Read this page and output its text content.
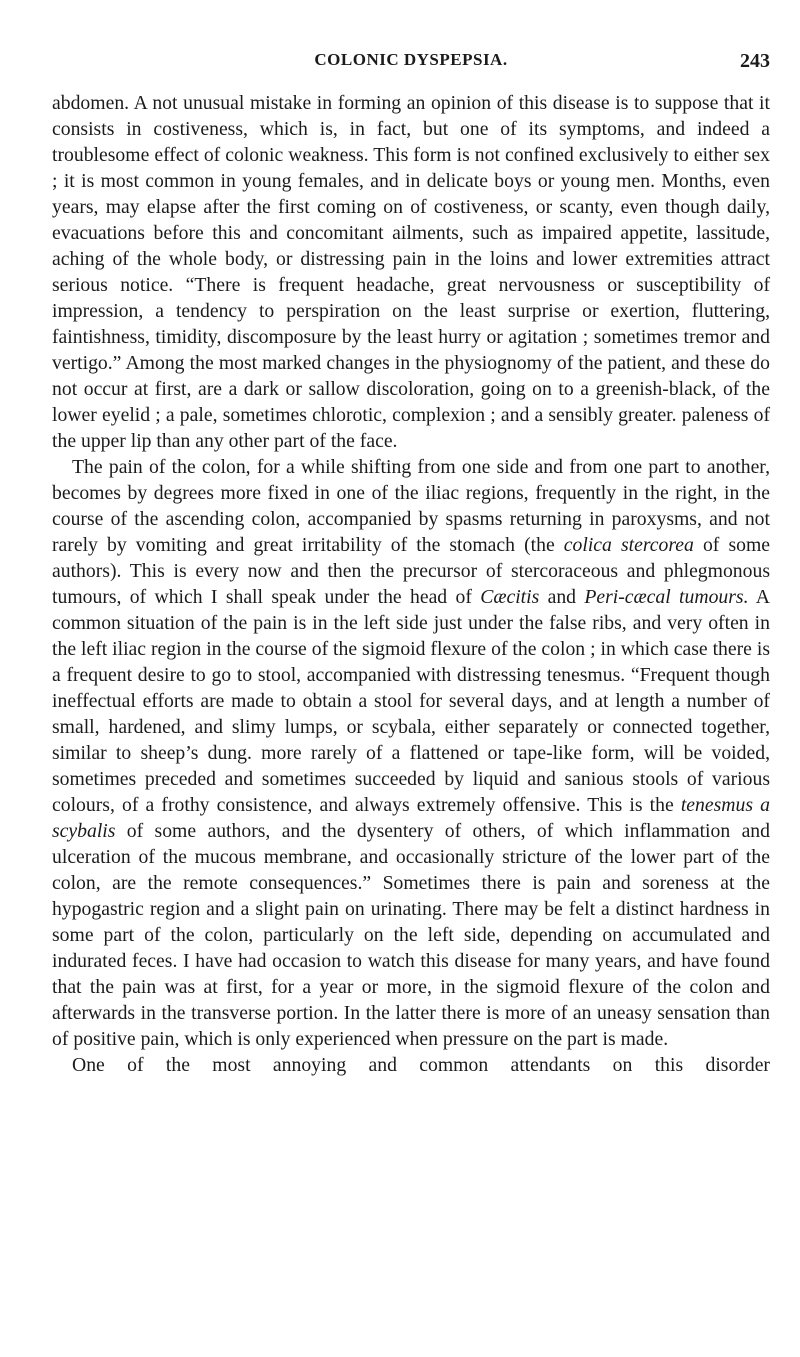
COLONIC DYSPEPSIA.	243

abdomen. A not unusual mistake in forming an opinion of this disease is to suppose that it consists in costiveness, which is, in fact, but one of its symptoms, and indeed a troublesome effect of colonic weakness. This form is not confined exclusively to either sex ; it is most common in young females, and in delicate boys or young men. Months, even years, may elapse after the first coming on of costiveness, or scanty, even though daily, evacuations before this and concomitant ailments, such as impaired appetite, lassitude, aching of the whole body, or distressing pain in the loins and lower extremities attract serious notice. “There is frequent headache, great nervousness or susceptibility of impression, a tendency to perspiration on the least surprise or exertion, fluttering, faintishness, timidity, discomposure by the least hurry or agitation ; sometimes tremor and vertigo.” Among the most marked changes in the physiognomy of the patient, and these do not occur at first, are a dark or sallow discoloration, going on to a greenish-black, of the lower eyelid ; a pale, sometimes chlorotic, complexion ; and a sensibly greater. paleness of the upper lip than any other part of the face.

The pain of the colon, for a while shifting from one side and from one part to another, becomes by degrees more fixed in one of the iliac regions, frequently in the right, in the course of the ascending colon, accompanied by spasms returning in paroxysms, and not rarely by vomiting and great irritability of the stomach (the colica stercorea of some authors). This is every now and then the precursor of stercoraceous and phlegmonous tumours, of which I shall speak under the head of Cæcitis and Peri-cæcal tumours. A common situation of the pain is in the left side just under the false ribs, and very often in the left iliac region in the course of the sigmoid flexure of the colon ; in which case there is a frequent desire to go to stool, accompanied with distressing tenesmus. “Frequent though ineffectual efforts are made to obtain a stool for several days, and at length a number of small, hardened, and slimy lumps, or scybala, either separately or connected together, similar to sheep’s dung. more rarely of a flattened or tape-like form, will be voided, sometimes preceded and sometimes succeeded by liquid and sanious stools of various colours, of a frothy consistence, and always extremely offensive. This is the tenesmus a scybalis of some authors, and the dysentery of others, of which inflammation and ulceration of the mucous membrane, and occasionally stricture of the lower part of the colon, are the remote consequences.” Sometimes there is pain and soreness at the hypogastric region and a slight pain on urinating. There may be felt a distinct hardness in some part of the colon, particularly on the left side, depending on accumulated and indurated feces. I have had occasion to watch this disease for many years, and have found that the pain was at first, for a year or more, in the sigmoid flexure of the colon and afterwards in the transverse portion. In the latter there is more of an uneasy sensation than of positive pain, which is only experienced when pressure on the part is made.

One of the most annoying and common attendants on this disorder
